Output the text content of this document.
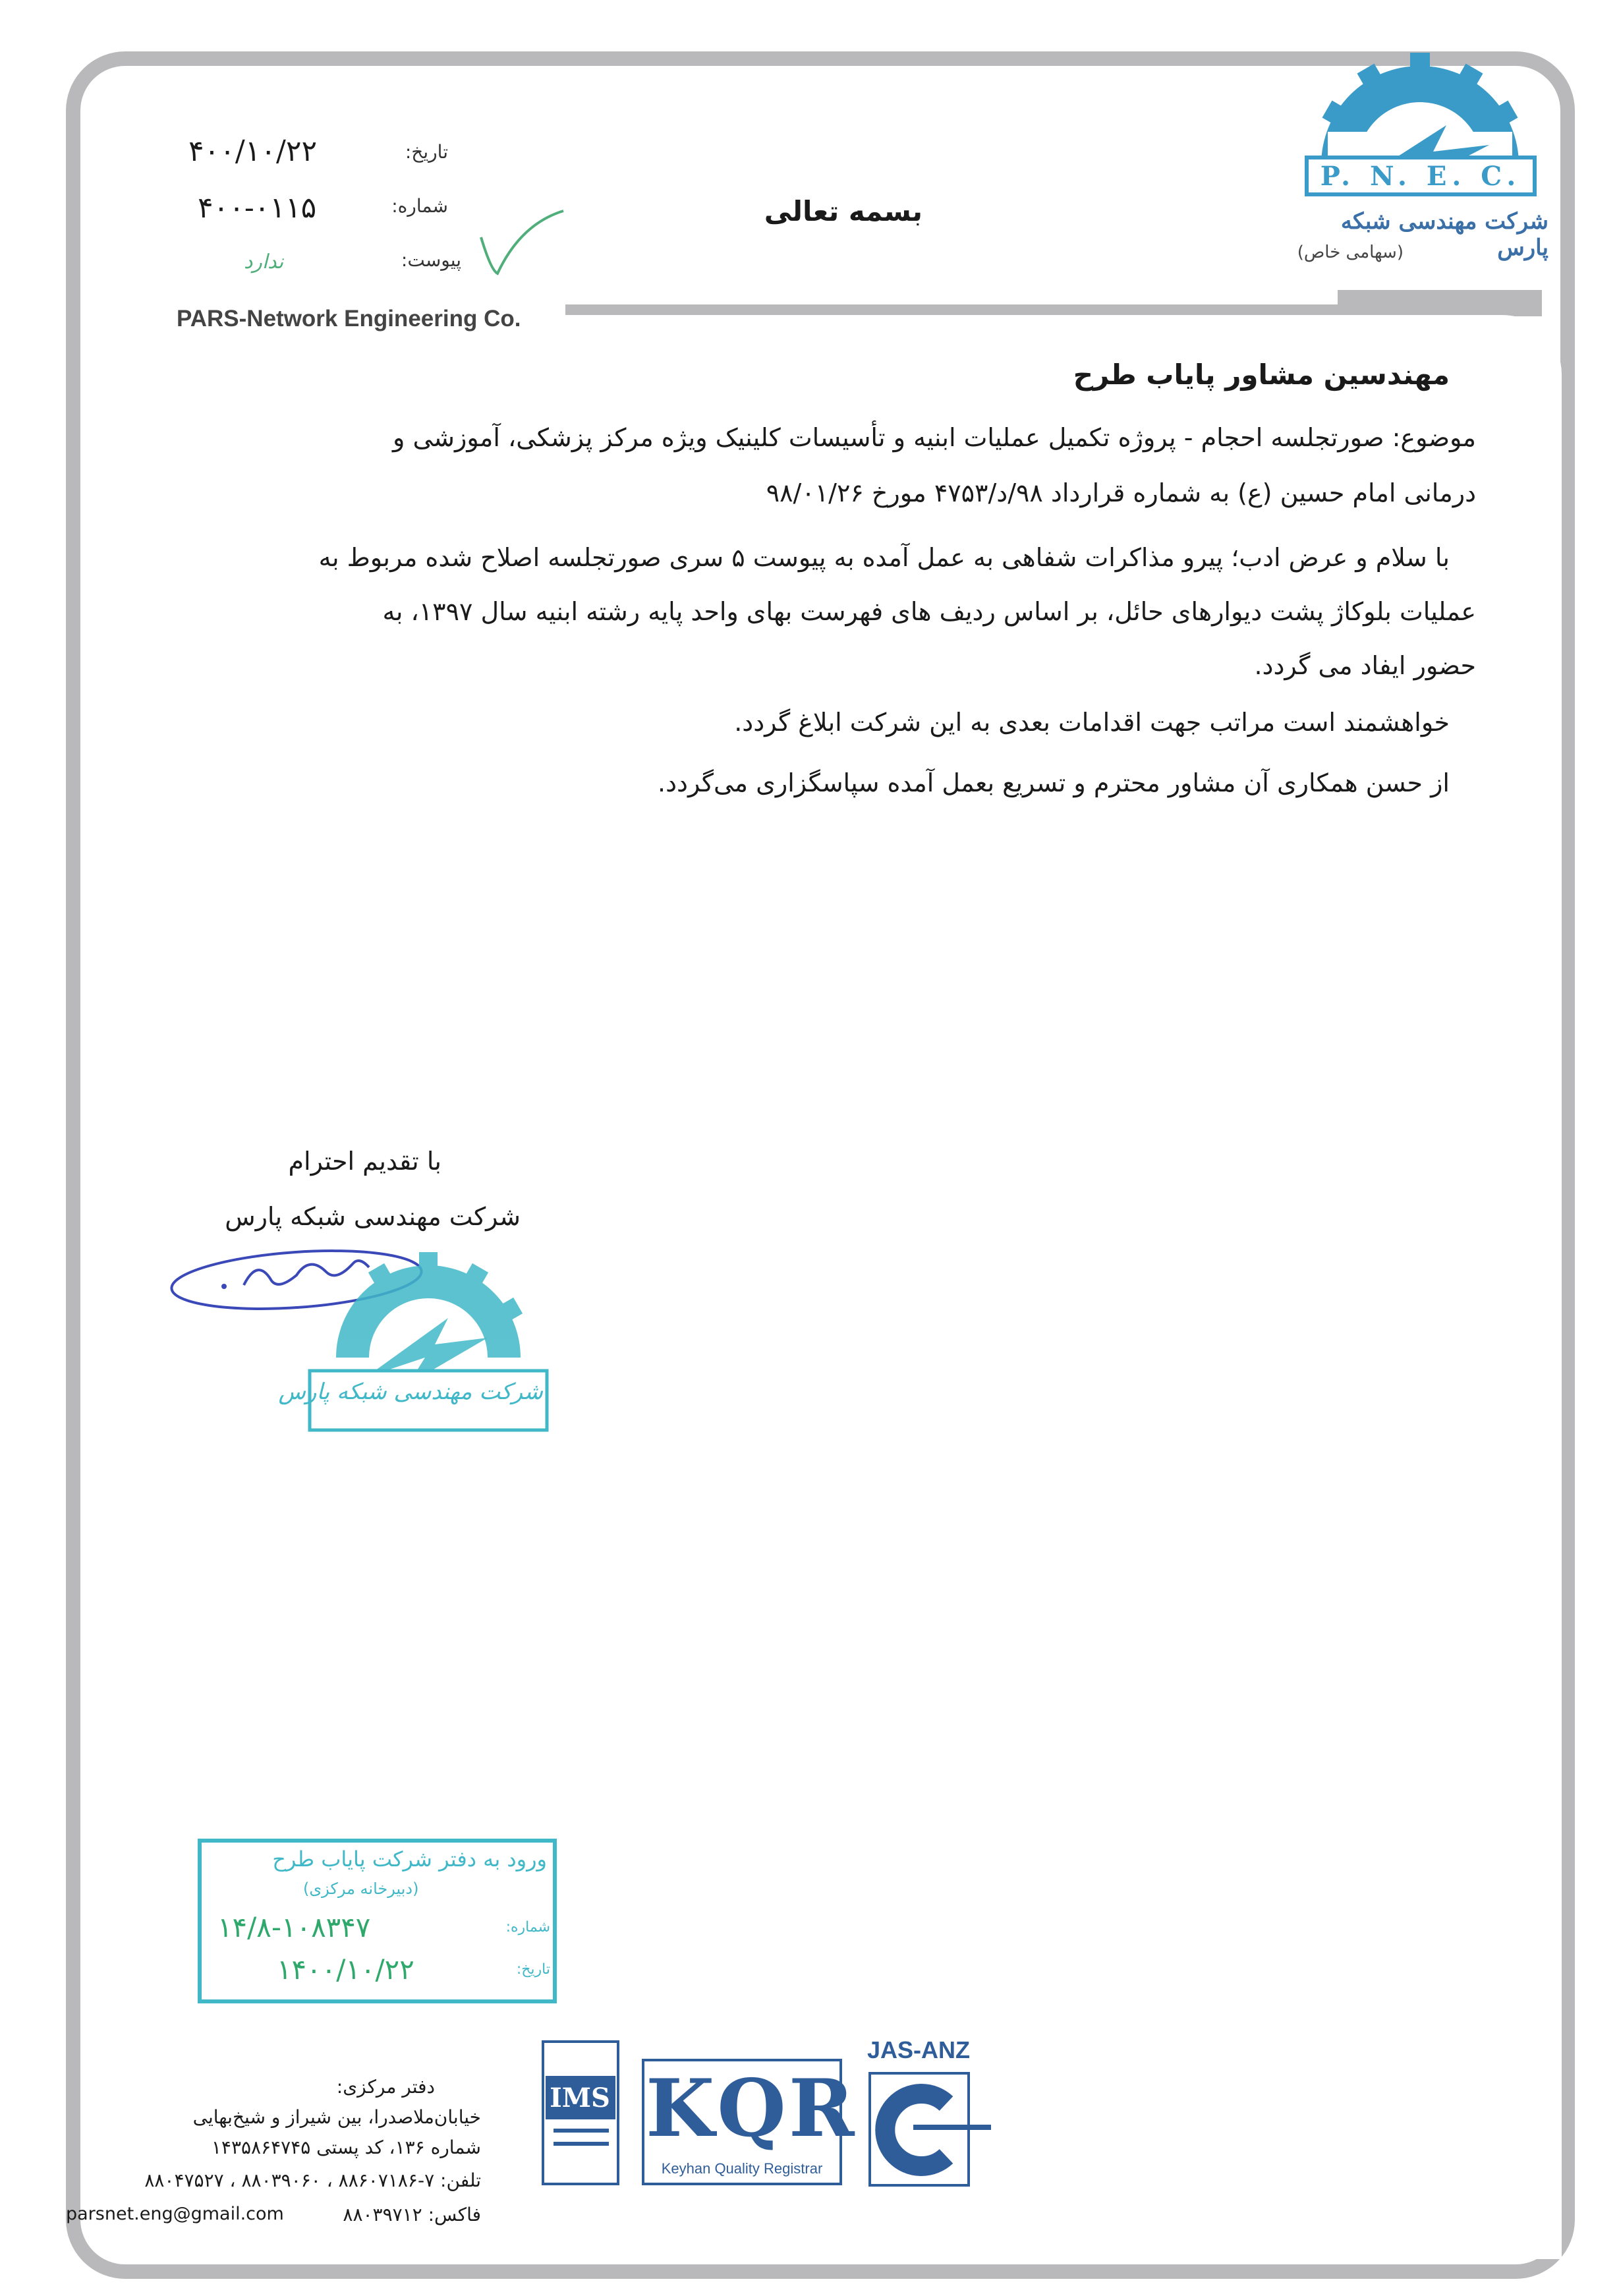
PARS-Network Engineering Co.
P. N. E. C.
شرکت مهندسی شبکه پارس
(سهامی خاص)
بسمه تعالی
تاریخ:
۴۰۰/۱۰/۲۲
شماره:
۴۰۰-۰۱۱۵
پیوست:
ندارد
مهندسین مشاور پایاب طرح
موضوع: صورتجلسه احجام - پروژه تکمیل عملیات ابنیه و تأسیسات کلینیک ویژه مرکز پزشکی، آموزشی و
درمانی امام حسین (ع) به شماره قرارداد ۹۸/د/۴۷۵۳ مورخ ۹۸/۰۱/۲۶
با سلام و عرض ادب؛ پیرو مذاکرات شفاهی به عمل آمده به پیوست ۵ سری صورتجلسه اصلاح شده مربوط به
عملیات بلوکاژ پشت دیوارهای حائل، بر اساس ردیف های فهرست بهای واحد پایه رشته ابنیه سال ۱۳۹۷، به
حضور ایفاد می گردد.
خواهشمند است مراتب جهت اقدامات بعدی به این شرکت ابلاغ گردد.
از حسن همکاری آن مشاور محترم و تسریع بعمل آمده سپاسگزاری می‌گردد.
با تقدیم احترام
شرکت مهندسی شبکه پارس
شرکت مهندسی شبکه پارس
ورود به دفتر شرکت پایاب طرح
(دبیرخانه مرکزی)
شماره:
۱۴/۸-۱۰۸۳۴۷
تاریخ:
۱۴۰۰/۱۰/۲۲
دفتر مرکزی:
خیابان‌ملاصدرا، بین شیراز و شیخ‌بهایی
شماره ۱۳۶، کد پستی ۱۴۳۵۸۶۴۷۴۵
تلفن: ۷-۸۸۶۰۷۱۸۶ ، ۸۸۰۳۹۰۶۰ ، ۸۸۰۴۷۵۲۷
parsnet.eng@gmail.com	فاکس: ۸۸۰۳۹۷۱۲
IMS KQR
Keyhan Quality Registrar
JAS-ANZ
